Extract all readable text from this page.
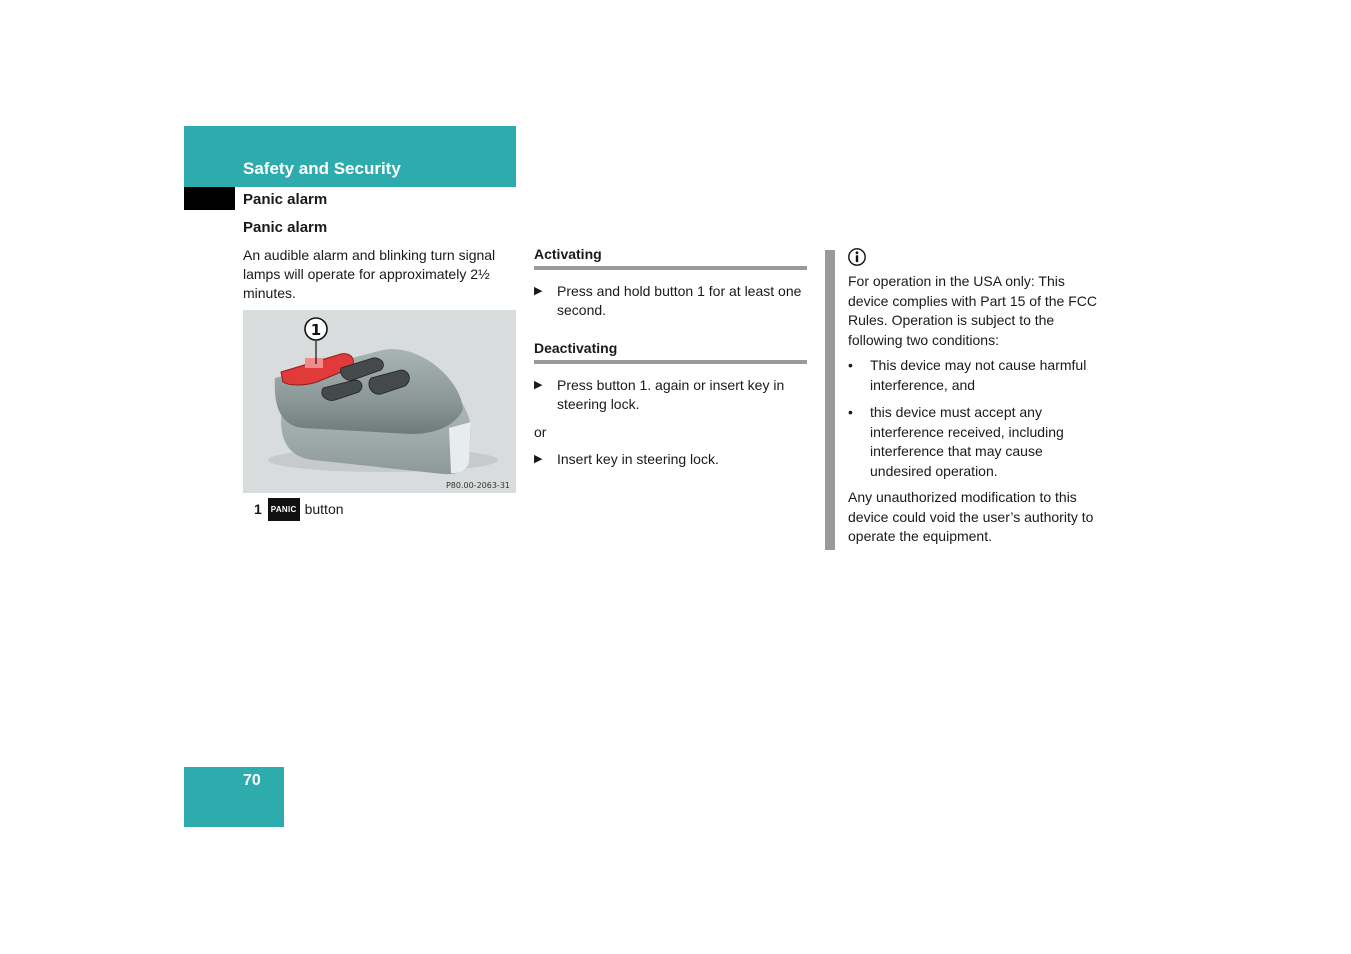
Safety and Security
Panic alarm
Panic alarm
An audible alarm and blinking turn signal lamps will operate for approximately 2½ minutes.
1
P80.00-2063-31
1 PANIC button
Activating
▶ Press and hold button 1 for at least one second.
Deactivating
▶ Press button 1. again or insert key in steering lock.
or
▶ Insert key in steering lock.
For operation in the USA only: This device complies with Part 15 of the FCC Rules. Operation is subject to the following two conditions:
• This device may not cause harmful interference, and
• this device must accept any interference received, including interference that may cause undesired operation.
Any unauthorized modification to this device could void the user’s authority to operate the equipment.
70
